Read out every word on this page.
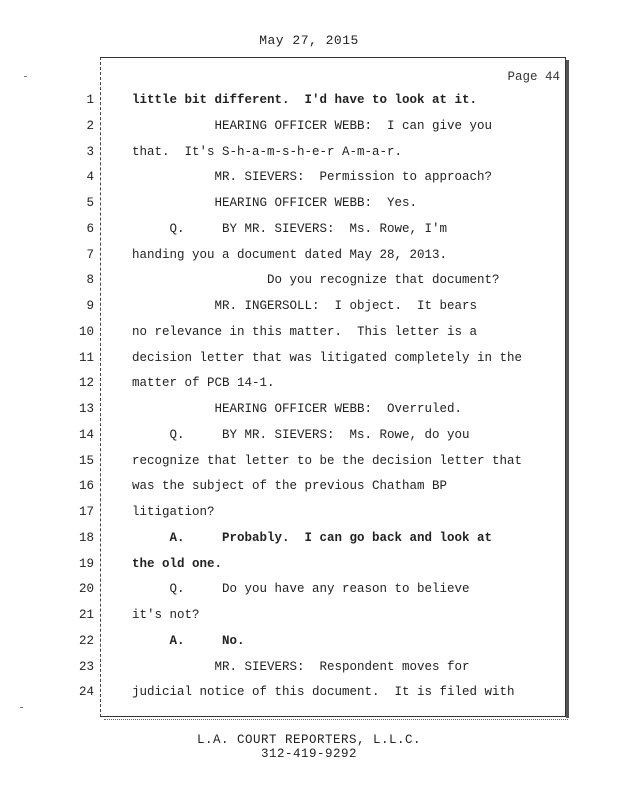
May 27, 2015
Page 44
1	little bit different.  I'd have to look at it.
2	HEARING OFFICER WEBB:  I can give you
3	that.  It's S-h-a-m-s-h-e-r A-m-a-r.
4	MR. SIEVERS:  Permission to approach?
5	HEARING OFFICER WEBB:  Yes.
6	Q.     BY MR. SIEVERS:  Ms. Rowe, I'm
7	handing you a document dated May 28, 2013.
8	Do you recognize that document?
9	MR. INGERSOLL:  I object.  It bears
10	no relevance in this matter.  This letter is a
11	decision letter that was litigated completely in the
12	matter of PCB 14-1.
13	HEARING OFFICER WEBB:  Overruled.
14	Q.     BY MR. SIEVERS:  Ms. Rowe, do you
15	recognize that letter to be the decision letter that
16	was the subject of the previous Chatham BP
17	litigation?
18	A.     Probably.  I can go back and look at
19	the old one.
20	Q.     Do you have any reason to believe
21	it's not?
22	A.     No.
23	MR. SIEVERS:  Respondent moves for
24	judicial notice of this document.  It is filed with
L.A. COURT REPORTERS, L.L.C.
312-419-9292
